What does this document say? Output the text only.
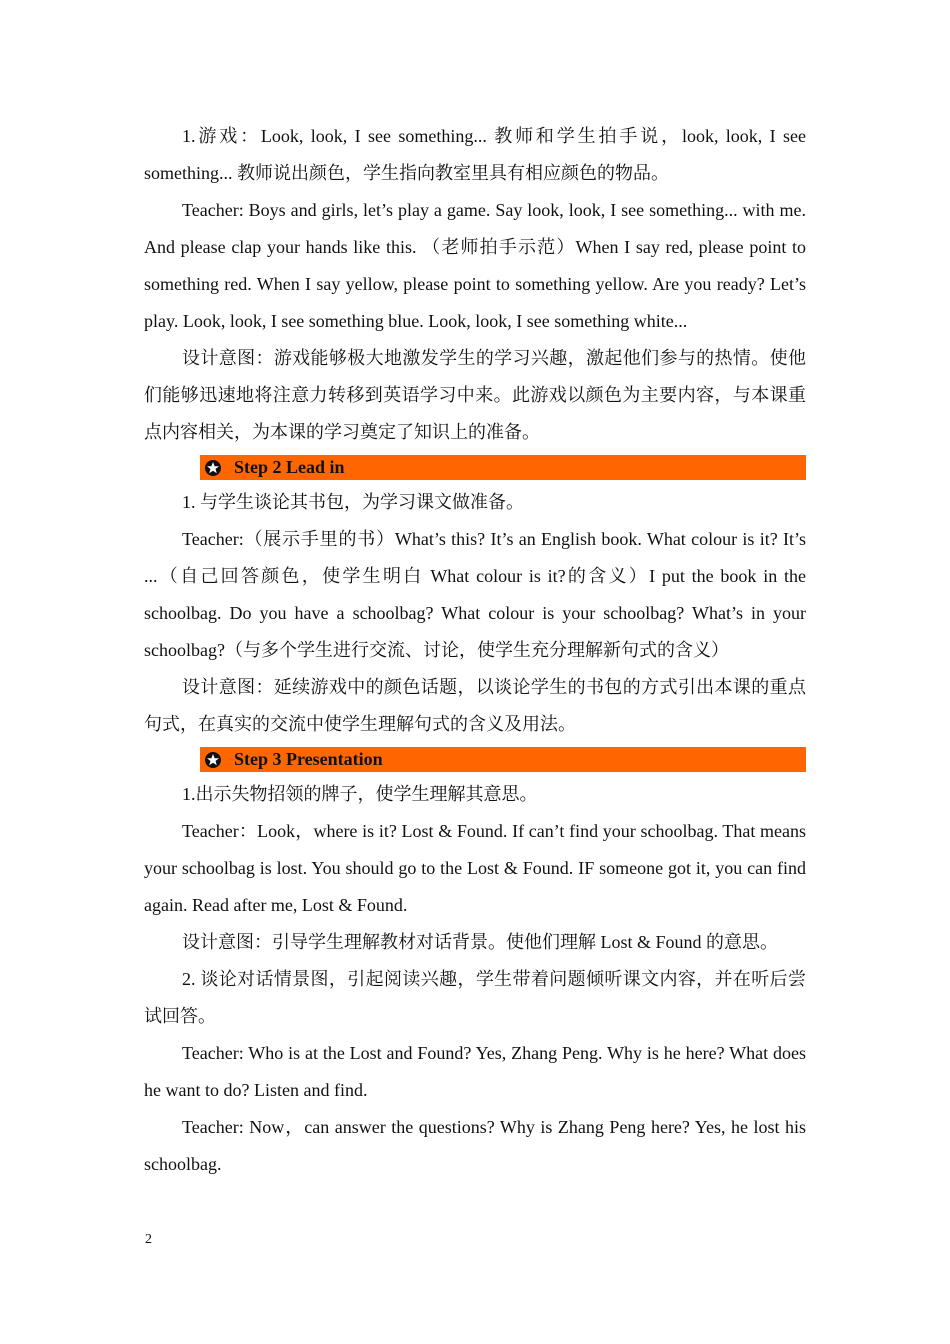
1.游戏：Look, look, I see something... 教师和学生拍手说，look, look, I see something... 教师说出颜色，学生指向教室里具有相应颜色的物品。

Teacher: Boys and girls, let’s play a game. Say look, look, I see something... with me. And please clap your hands like this. （老师拍手示范）When I say red, please point to something red. When I say yellow, please point to something yellow. Are you ready? Let’s play. Look, look, I see something blue. Look, look, I see something white...

设计意图：游戏能够极大地激发学生的学习兴趣，激起他们参与的热情。使他们能够迅速地将注意力转移到英语学习中来。此游戏以颜色为主要内容，与本课重点内容相关，为本课的学习奠定了知识上的准备。

Step 2 Lead in

1. 与学生谈论其书包，为学习课文做准备。

Teacher:（展示手里的书）What’s this? It’s an English book. What colour is it? It’s ...（自己回答颜色，使学生明白 What colour is it?的含义）I put the book in the schoolbag. Do you have a schoolbag? What colour is your schoolbag? What’s in your schoolbag?（与多个学生进行交流、讨论，使学生充分理解新句式的含义）

设计意图：延续游戏中的颜色话题，以谈论学生的书包的方式引出本课的重点句式，在真实的交流中使学生理解句式的含义及用法。

Step 3 Presentation

1.出示失物招领的牌子，使学生理解其意思。

Teacher：Look，where is it? Lost & Found. If can’t find your schoolbag. That means your schoolbag is lost. You should go to the Lost & Found. IF someone got it, you can find again. Read after me, Lost & Found.

设计意图：引导学生理解教材对话背景。使他们理解 Lost & Found 的意思。

2. 谈论对话情景图，引起阅读兴趣，学生带着问题倾听课文内容，并在听后尝试回答。

Teacher: Who is at the Lost and Found? Yes, Zhang Peng. Why is he here? What does he want to do? Listen and find.

Teacher: Now，can answer the questions? Why is Zhang Peng here? Yes, he lost his schoolbag.

2
